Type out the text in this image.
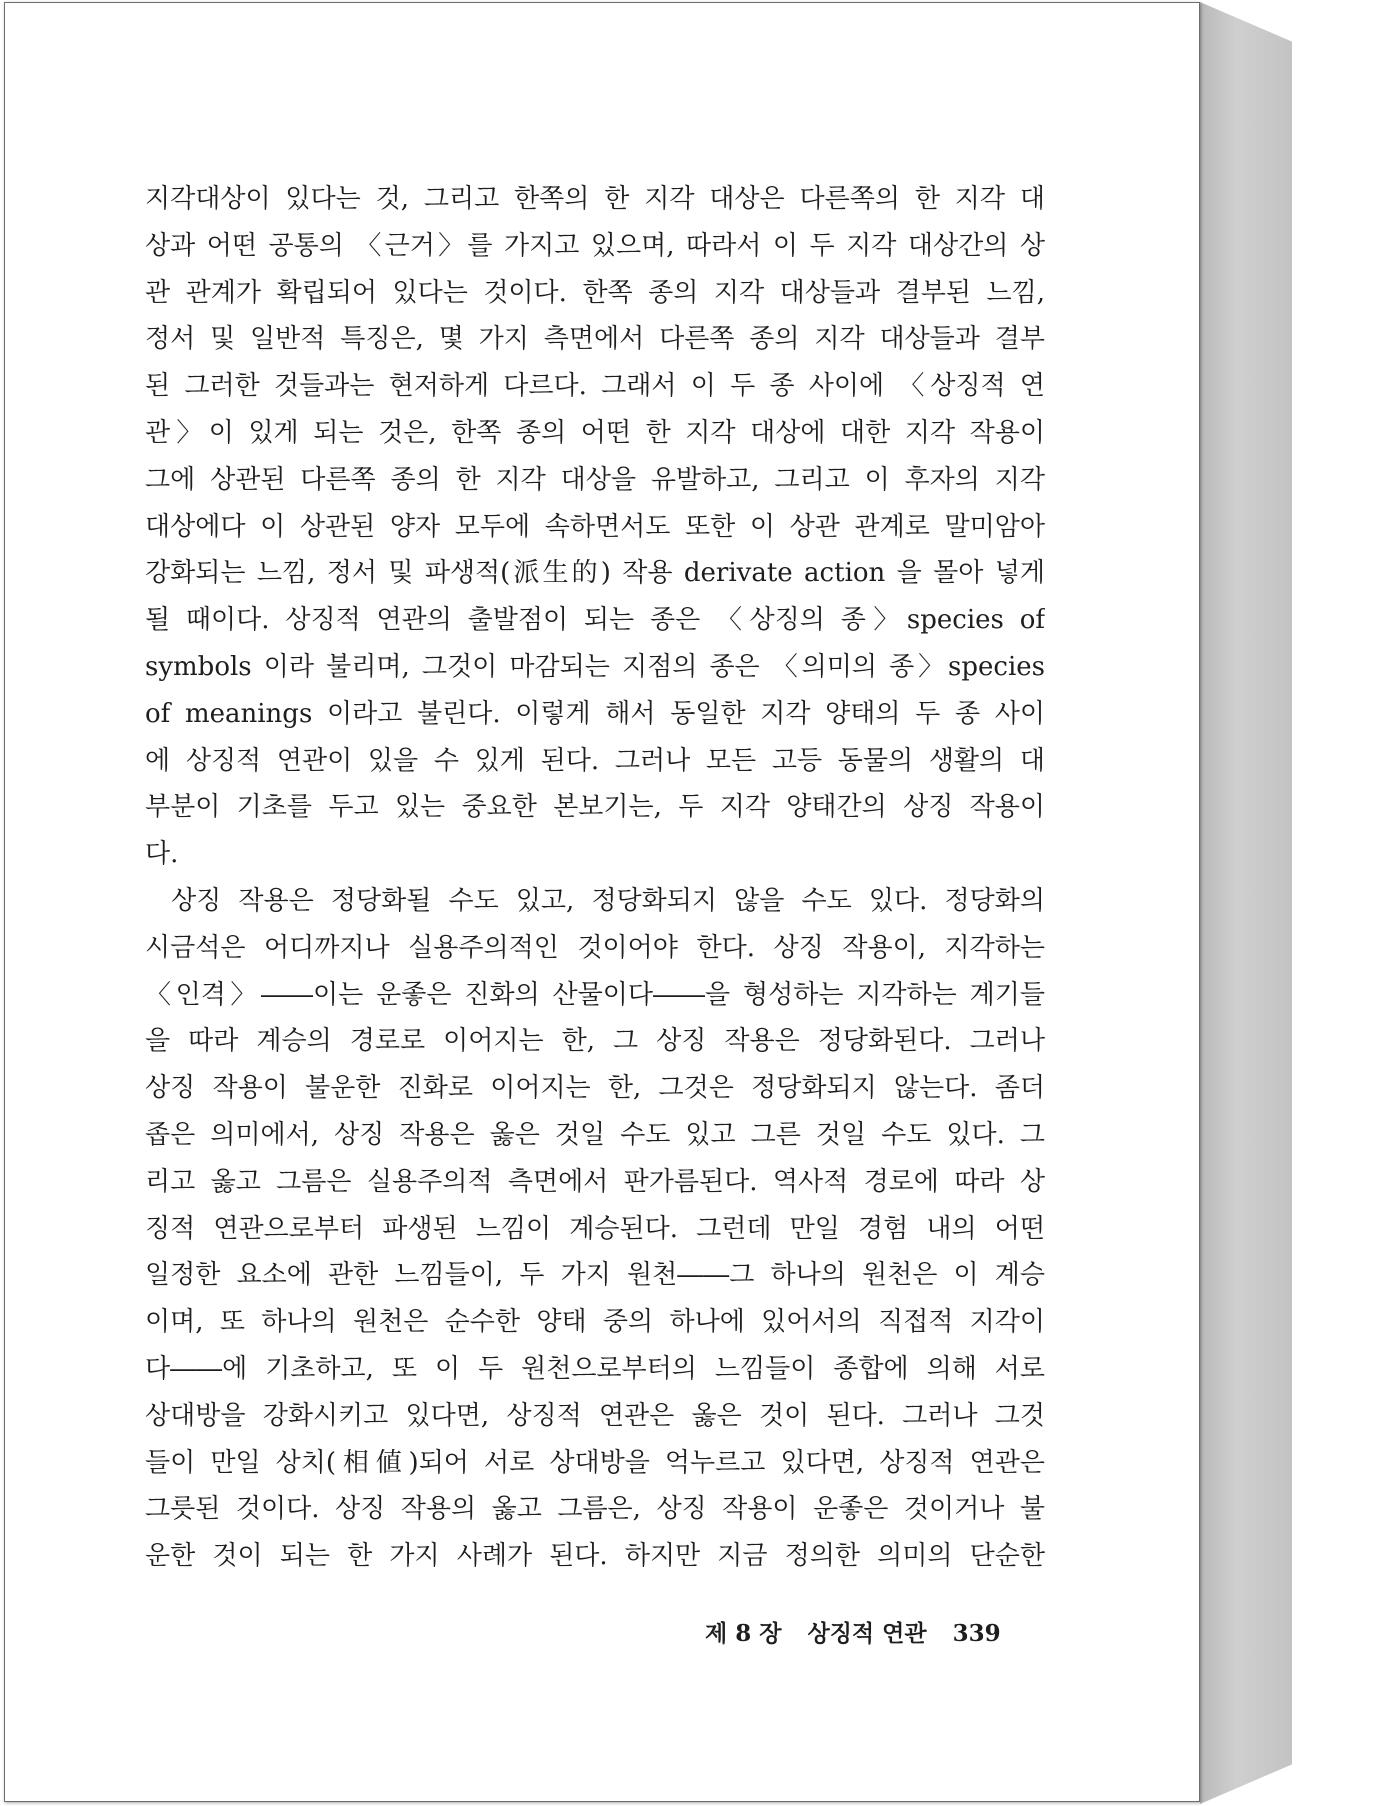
지각대상이 있다는 것, 그리고 한쪽의 한 지각 대상은 다른쪽의 한 지각 대
상과 어떤 공통의 〈근거〉를 가지고 있으며, 따라서 이 두 지각 대상간의 상
관 관계가 확립되어 있다는 것이다. 한쪽 종의 지각 대상들과 결부된 느낌,
정서 및 일반적 특징은, 몇 가지 측면에서 다른쪽 종의 지각 대상들과 결부
된 그러한 것들과는 현저하게 다르다. 그래서 이 두 종 사이에 〈상징적 연
관〉이 있게 되는 것은, 한쪽 종의 어떤 한 지각 대상에 대한 지각 작용이
그에 상관된 다른쪽 종의 한 지각 대상을 유발하고, 그리고 이 후자의 지각
대상에다 이 상관된 양자 모두에 속하면서도 또한 이 상관 관계로 말미암아
강화되는 느낌, 정서 및 파생적(派生的) 작용 derivate action 을 몰아 넣게
될 때이다. 상징적 연관의 출발점이 되는 종은 〈상징의 종〉species of
symbols 이라 불리며, 그것이 마감되는 지점의 종은 〈의미의 종〉species
of meanings 이라고 불린다. 이렇게 해서 동일한 지각 양태의 두 종 사이
에 상징적 연관이 있을 수 있게 된다. 그러나 모든 고등 동물의 생활의 대
부분이 기초를 두고 있는 중요한 본보기는, 두 지각 양태간의 상징 작용이
다.

상징 작용은 정당화될 수도 있고, 정당화되지 않을 수도 있다. 정당화의
시금석은 어디까지나 실용주의적인 것이어야 한다. 상징 작용이, 지각하는
〈인격〉――이는 운좋은 진화의 산물이다――을 형성하는 지각하는 계기들
을 따라 계승의 경로로 이어지는 한, 그 상징 작용은 정당화된다. 그러나
상징 작용이 불운한 진화로 이어지는 한, 그것은 정당화되지 않는다. 좀더
좁은 의미에서, 상징 작용은 옳은 것일 수도 있고 그른 것일 수도 있다. 그
리고 옳고 그름은 실용주의적 측면에서 판가름된다. 역사적 경로에 따라 상
징적 연관으로부터 파생된 느낌이 계승된다. 그런데 만일 경험 내의 어떤
일정한 요소에 관한 느낌들이, 두 가지 원천――그 하나의 원천은 이 계승
이며, 또 하나의 원천은 순수한 양태 중의 하나에 있어서의 직접적 지각이
다――에 기초하고, 또 이 두 원천으로부터의 느낌들이 종합에 의해 서로
상대방을 강화시키고 있다면, 상징적 연관은 옳은 것이 된다. 그러나 그것
들이 만일 상치(相値)되어 서로 상대방을 억누르고 있다면, 상징적 연관은
그릇된 것이다. 상징 작용의 옳고 그름은, 상징 작용이 운좋은 것이거나 불
운한 것이 되는 한 가지 사례가 된다. 하지만 지금 정의한 의미의 단순한

제 8 장 상징적 연관 339
